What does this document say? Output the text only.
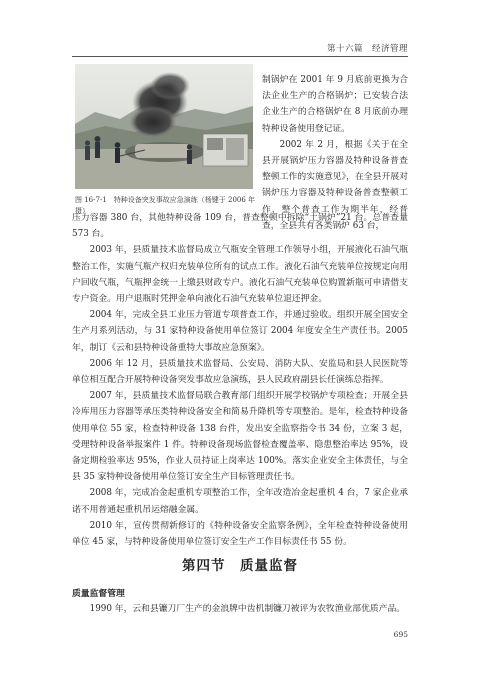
第十六篇　经济管理
图 16-7-1　特种设备突发事故应急演练（杨键于 2006 年摄）

制锅炉在 2001 年 9 月底前更换为合法企业生产的合格锅炉；已安装合法企业生产的合格锅炉在 8 月底前办理特种设备使用登记证。

2002 年 2 月，根据《关于在全县开展锅炉压力容器及特种设备普查整顿工作的实施意见》，在全县开展对锅炉压力容器及特种设备普查整顿工作，整个普查工作为期半年，经普查，全县共有各类锅炉 63 台，

压力容器 380 台，其他特种设备 109 台，普查整顿中拆除“土锅炉”21 台。总普查量 573 台。

2003 年，县质量技术监督局成立气瓶安全管理工作领导小组，开展液化石油气瓶整治工作，实施气瓶产权归充装单位所有的试点工作。液化石油气充装单位按规定向用户回收气瓶，气瓶押金统一上缴县财政专户。液化石油气充装单位购置新瓶可申请借支专户资金。用户退瓶时凭押金单向液化石油气充装单位退还押金。

2004 年，完成全县工业压力管道专项普查工作，并通过验收。组织开展全国安全生产月系列活动，与 31 家特种设备使用单位签订 2004 年度安全生产责任书。2005 年，制订《云和县特种设备重特大事故应急预案》。

2006 年 12 月，县质量技术监督局、公安局、消防大队、安监局和县人民医院等单位相互配合开展特种设备突发事故应急演练，县人民政府副县长任演练总指挥。

2007 年，县质量技术监督局联合教育部门组织开展学校锅炉专项检查；开展全县冷库用压力容器等承压类特种设备安全和简易升降机等专项整治。是年，检查特种设备使用单位 55 家，检查特种设备 138 台件，发出安全监察指令书 34 份，立案 3 起，受理特种设备举报案件 1 件。特种设备现场监督检查覆盖率、隐患整治率达 95%，设备定期检验率达 95%，作业人员持证上岗率达 100%。落实企业安全主体责任，与全县 35 家特种设备使用单位签订安全生产目标管理责任书。

2008 年，完成冶金起重机专项整治工作，全年改造冶金起重机 4 台，7 家企业承诺不用普通起重机吊运熔融金属。

2010 年，宣传贯彻新修订的《特种设备安全监察条例》，全年检查特种设备使用单位 45 家，与特种设备使用单位签订安全生产工作目标责任书 55 份。

第四节　质量监督
质量监督管理

1990 年，云和县镰刀厂生产的金浪牌中齿机制镰刀被评为农牧渔业部优质产品。

695
